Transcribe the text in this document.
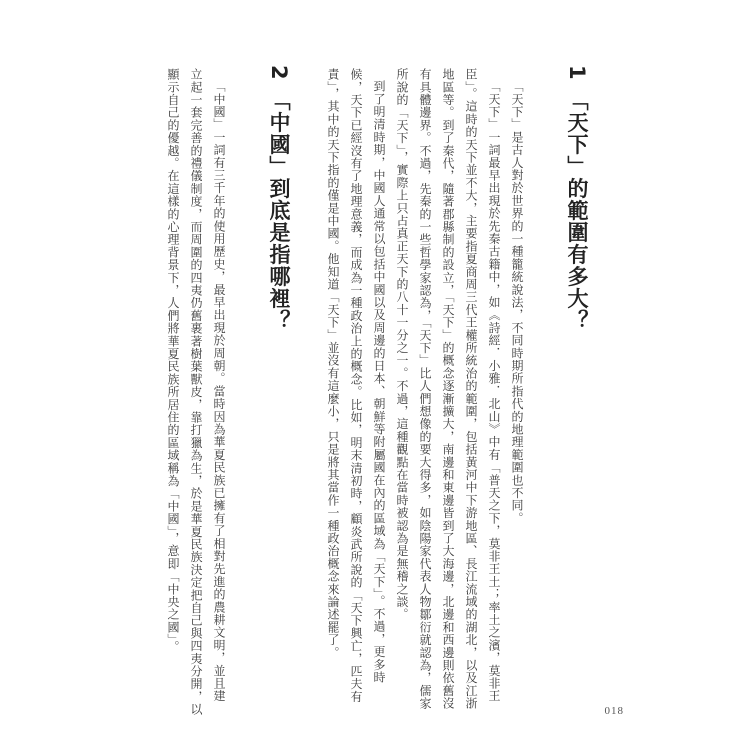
1「天下」的範圍有多大？
「天下」是古人對於世界的一種籠統說法，不同時期所指代的地理範圍也不同。
「天下」一詞最早出現於先秦古籍中，如《詩經．小雅．北山》中有「普天之下，莫非王土；率土之濱，莫非王
臣」。這時的天下並不大，主要指夏商周三代王權所統治的範圍，包括黃河中下游地區、長江流域的湖北，以及江浙
地區等。到了秦代，隨著郡縣制的設立，「天下」的概念逐漸擴大，南邊和東邊皆到了大海邊，北邊和西邊則依舊沒
有具體邊界。不過，先秦的一些哲學家認為，「天下」比人們想像的要大得多，如陰陽家代表人物鄒衍就認為，儒家
所說的「天下」，實際上只占真正天下的八十一分之一。不過，這種觀點在當時被認為是無稽之談。
到了明清時期，中國人通常以包括中國以及周邊的日本、朝鮮等附屬國在內的區域為「天下」。不過，更多時
候，天下已經沒有了地理意義，而成為一種政治上的概念。比如，明末清初時，顧炎武所說的「天下興亡，匹夫有
責」，其中的天下指的僅是中國。他知道「天下」並沒有這麼小，只是將其當作一種政治概念來論述罷了。
2「中國」到底是指哪裡？
「中國」一詞有三千年的使用歷史，最早出現於周朝。當時因為華夏民族已擁有了相對先進的農耕文明，並且建
立起一套完善的禮儀制度，而周圍的四夷仍舊裹著樹葉獸皮，靠打獵為生，於是華夏民族決定把自己與四夷分開，以
顯示自己的優越。在這樣的心理背景下，人們將華夏民族所居住的區域稱為「中國」，意即「中央之國」。
018
